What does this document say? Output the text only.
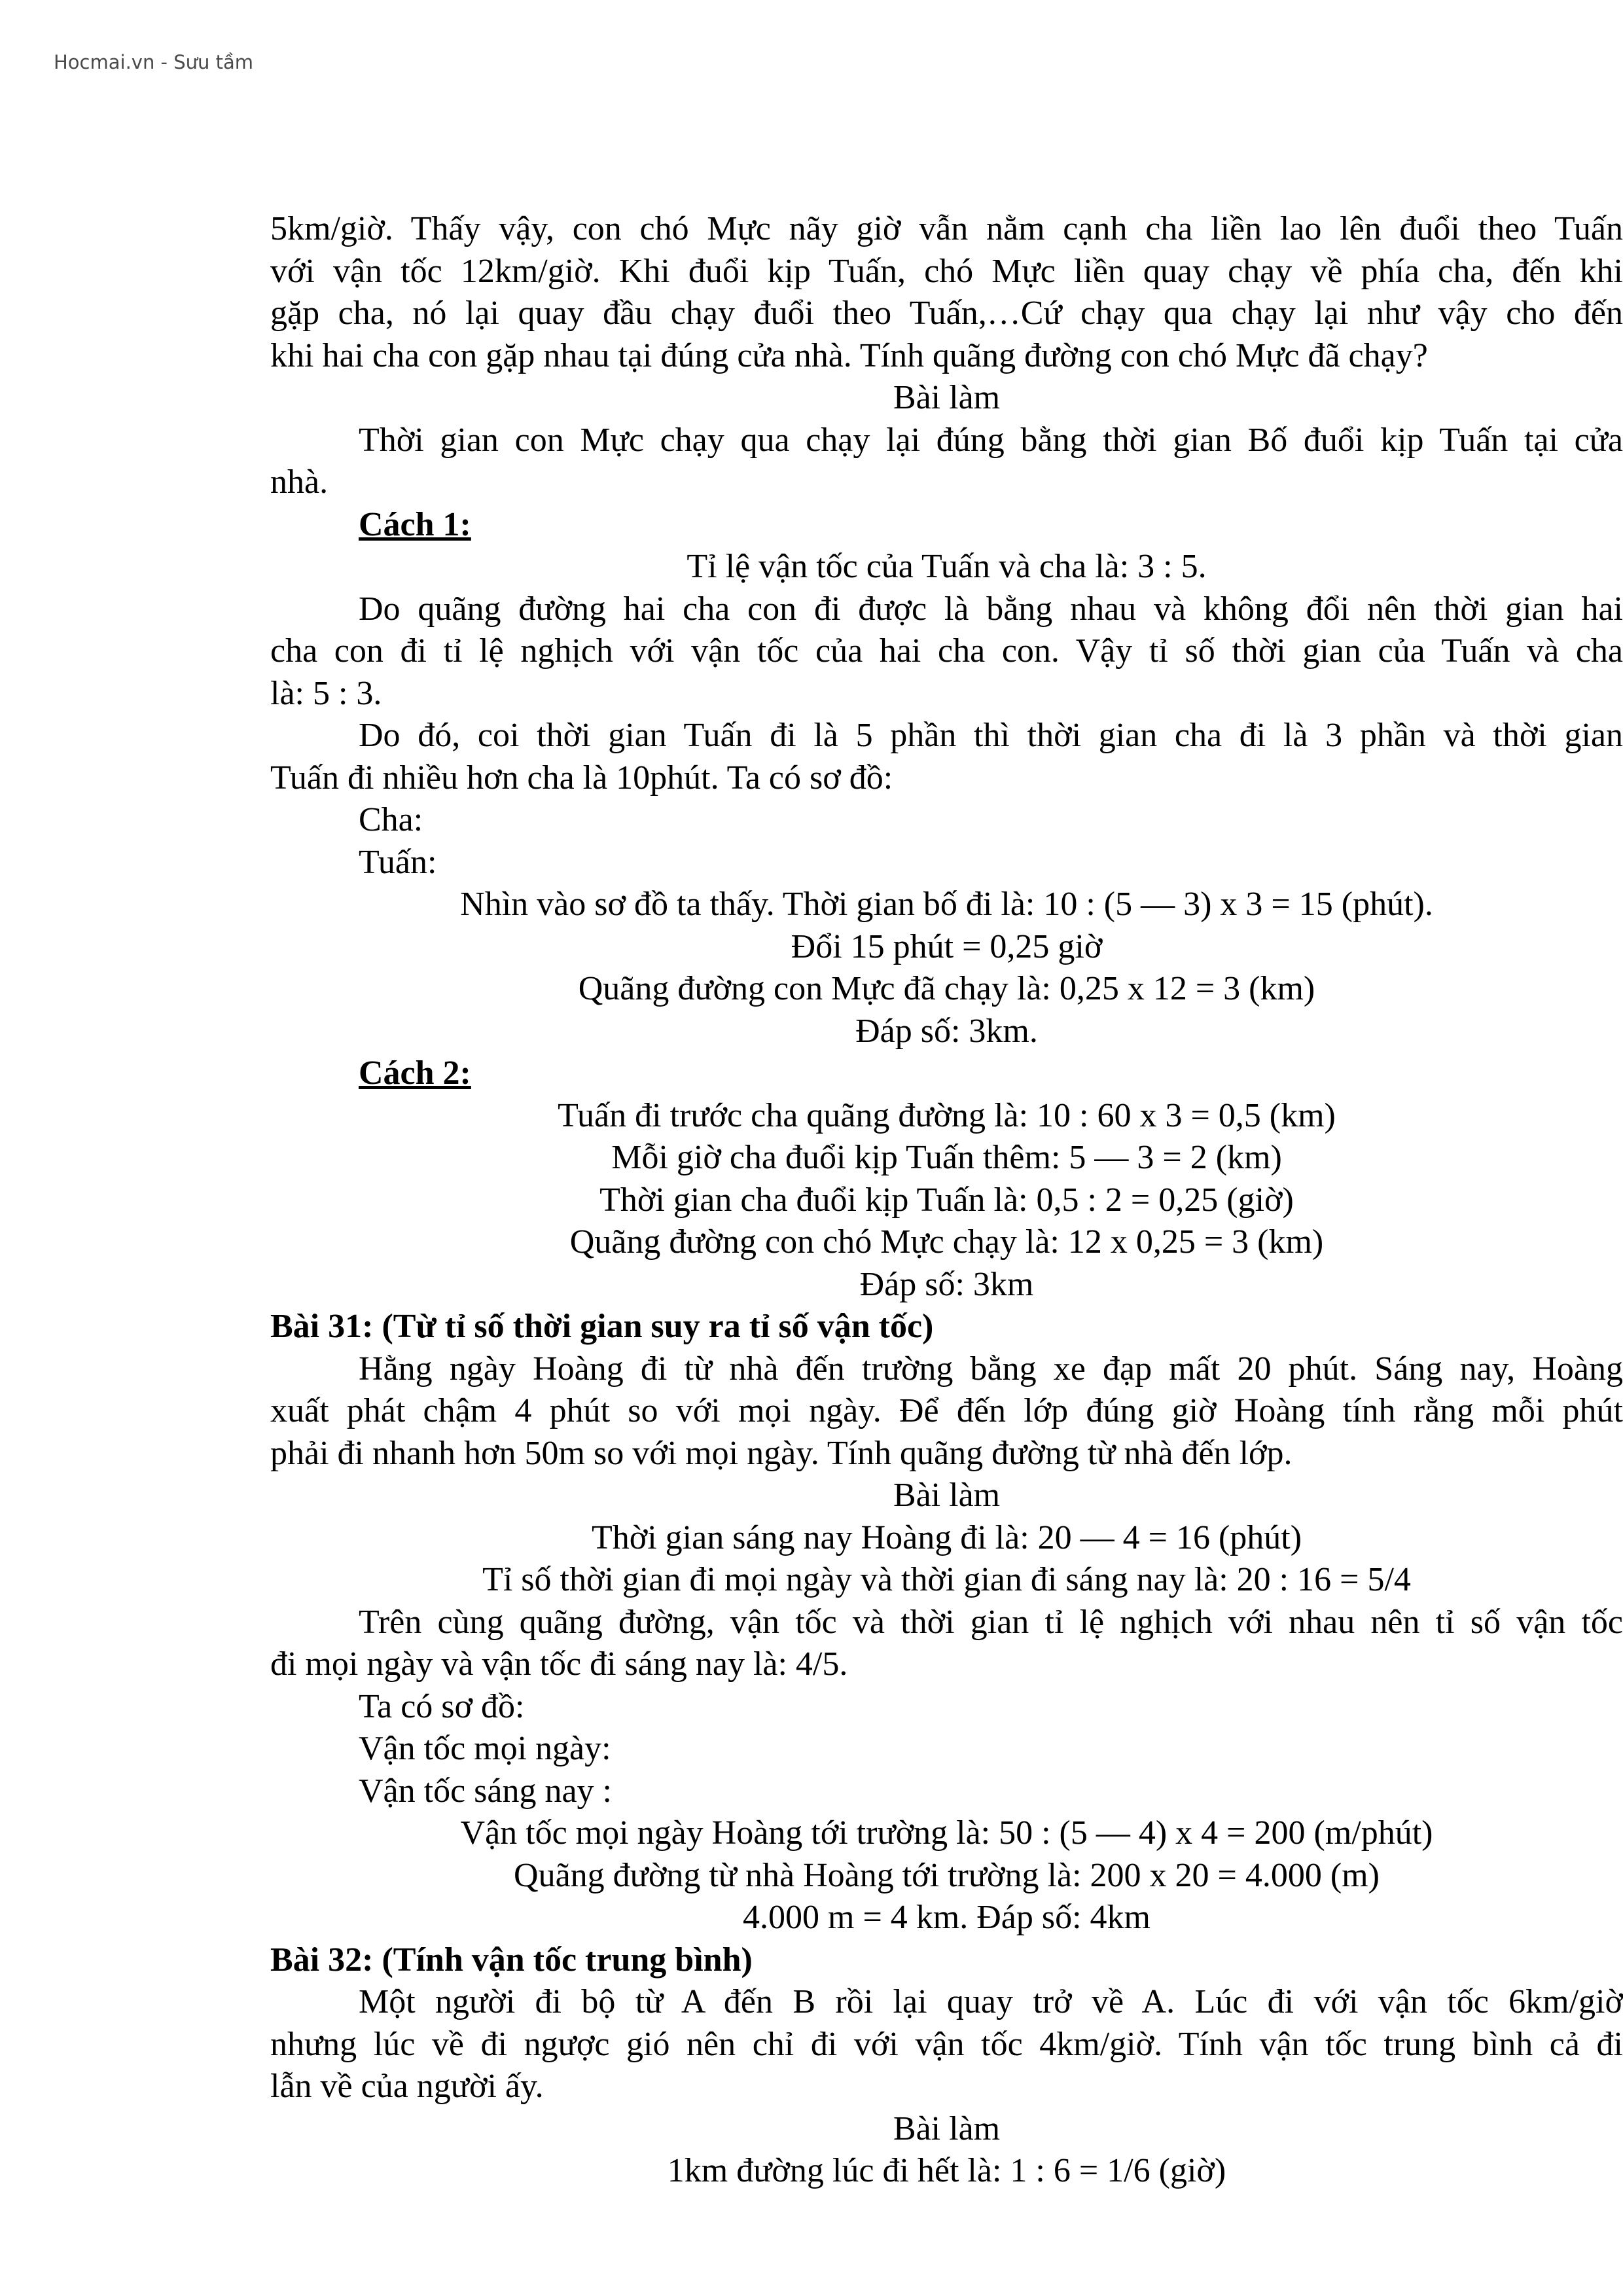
Hocmai.vn - Sưu tầm
5km/giờ. Thấy vậy, con chó Mực nãy giờ vẫn nằm cạnh cha liền lao lên đuổi theo Tuấn
với vận tốc 12km/giờ. Khi đuổi kịp Tuấn, chó Mực liền quay chạy về phía cha, đến khi
gặp cha, nó lại quay đầu chạy đuổi theo Tuấn,…Cứ chạy qua chạy lại như vậy cho đến
khi hai cha con gặp nhau tại đúng cửa nhà. Tính quãng đường con chó Mực đã chạy?
Bài làm
Thời gian con Mực chạy qua chạy lại đúng bằng thời gian Bố đuổi kịp Tuấn tại cửa
nhà.
Cách 1:
Tỉ lệ vận tốc của Tuấn và cha là: 3 : 5.
Do quãng đường hai cha con đi được là bằng nhau và không đổi nên thời gian hai
cha con đi tỉ lệ nghịch với vận tốc của hai cha con. Vậy tỉ số thời gian của Tuấn và cha
là: 5 : 3.
Do đó, coi thời gian Tuấn đi là 5 phần thì thời gian cha đi là 3 phần và thời gian
Tuấn đi nhiều hơn cha là 10phút. Ta có sơ đồ:
Cha:
Tuấn:
Nhìn vào sơ đồ ta thấy. Thời gian bố đi là: 10 : (5 — 3) x 3 = 15 (phút).
Đổi 15 phút = 0,25 giờ
Quãng đường con Mực đã chạy là: 0,25 x 12 = 3 (km)
Đáp số: 3km.
Cách 2:
Tuấn đi trước cha quãng đường là: 10 : 60 x 3 = 0,5 (km)
Mỗi giờ cha đuổi kịp Tuấn thêm: 5 — 3 = 2 (km)
Thời gian cha đuổi kịp Tuấn là: 0,5 : 2 = 0,25 (giờ)
Quãng đường con chó Mực chạy là: 12 x 0,25 = 3 (km)
Đáp số: 3km
Bài 31: (Từ tỉ số thời gian suy ra tỉ số vận tốc)
Hằng ngày Hoàng đi từ nhà đến trường bằng xe đạp mất 20 phút. Sáng nay, Hoàng
xuất phát chậm 4 phút so với mọi ngày. Để đến lớp đúng giờ Hoàng tính rằng mỗi phút
phải đi nhanh hơn 50m so với mọi ngày. Tính quãng đường từ nhà đến lớp.
Bài làm
Thời gian sáng nay Hoàng đi là: 20 — 4 = 16 (phút)
Tỉ số thời gian đi mọi ngày và thời gian đi sáng nay là: 20 : 16 = 5/4
Trên cùng quãng đường, vận tốc và thời gian tỉ lệ nghịch với nhau nên tỉ số vận tốc
đi mọi ngày và vận tốc đi sáng nay là: 4/5.
Ta có sơ đồ:
Vận tốc mọi ngày:
Vận tốc sáng nay :
Vận tốc mọi ngày Hoàng tới trường là: 50 : (5 — 4) x 4 = 200 (m/phút)
Quãng đường từ nhà Hoàng tới trường là: 200 x 20 = 4.000 (m)
4.000 m = 4 km. Đáp số: 4km
Bài 32: (Tính vận tốc trung bình)
Một người đi bộ từ A đến B rồi lại quay trở về A. Lúc đi với vận tốc 6km/giờ
nhưng lúc về đi ngược gió nên chỉ đi với vận tốc 4km/giờ. Tính vận tốc trung bình cả đi
lẫn về của người ấy.
Bài làm
1km đường lúc đi hết là: 1 : 6 = 1/6 (giờ)
